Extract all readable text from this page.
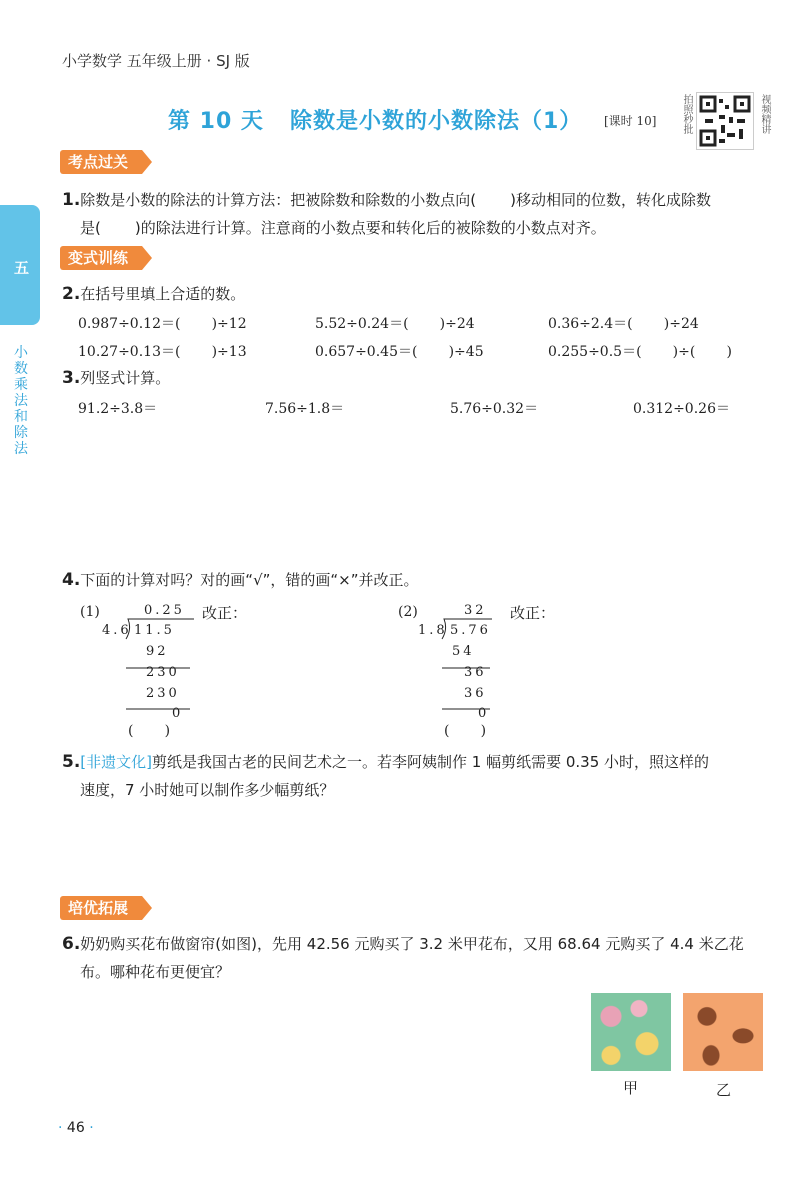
小学数学 五年级上册 · SJ 版
第 10 天 除数是小数的小数除法（1） [课时 10] 拍照秒批	视频精讲
五
小数乘法和除法
考点过关
1.除数是小数的除法的计算方法：把被除数和除数的小数点向( )移动相同的位数，转化成除数
是( )的除法进行计算。注意商的小数点要和转化后的被除数的小数点对齐。
变式训练
2.在括号里填上合适的数。
0.987÷0.12＝(       )÷12	5.52÷0.24＝(       )÷24	0.36÷2.4＝(       )÷24
10.27÷0.13＝(       )÷13	0.657÷0.45＝(       )÷45	0.255÷0.5＝(       )÷(       )
3.列竖式计算。
91.2÷3.8＝	7.56÷1.8＝	5.76÷0.32＝	0.312÷0.26＝
4.下面的计算对吗？对的画“√”，错的画“×”并改正。
(1)	0.25
4.6 11.5
92
230
230
0
(       )
改正：	(2)	32
1.8 5.76
54
36
36
0
(       )
改正：
5.[非遗文化]剪纸是我国古老的民间艺术之一。若李阿姨制作 1 幅剪纸需要 0.35 小时，照这样的
速度，7 小时她可以制作多少幅剪纸？
培优拓展
6.奶奶购买花布做窗帘(如图)，先用 42.56 元购买了 3.2 米甲花布，又用 68.64 元购买了 4.4 米乙花
布。哪种花布更便宜？
甲	乙
· 46 ·
